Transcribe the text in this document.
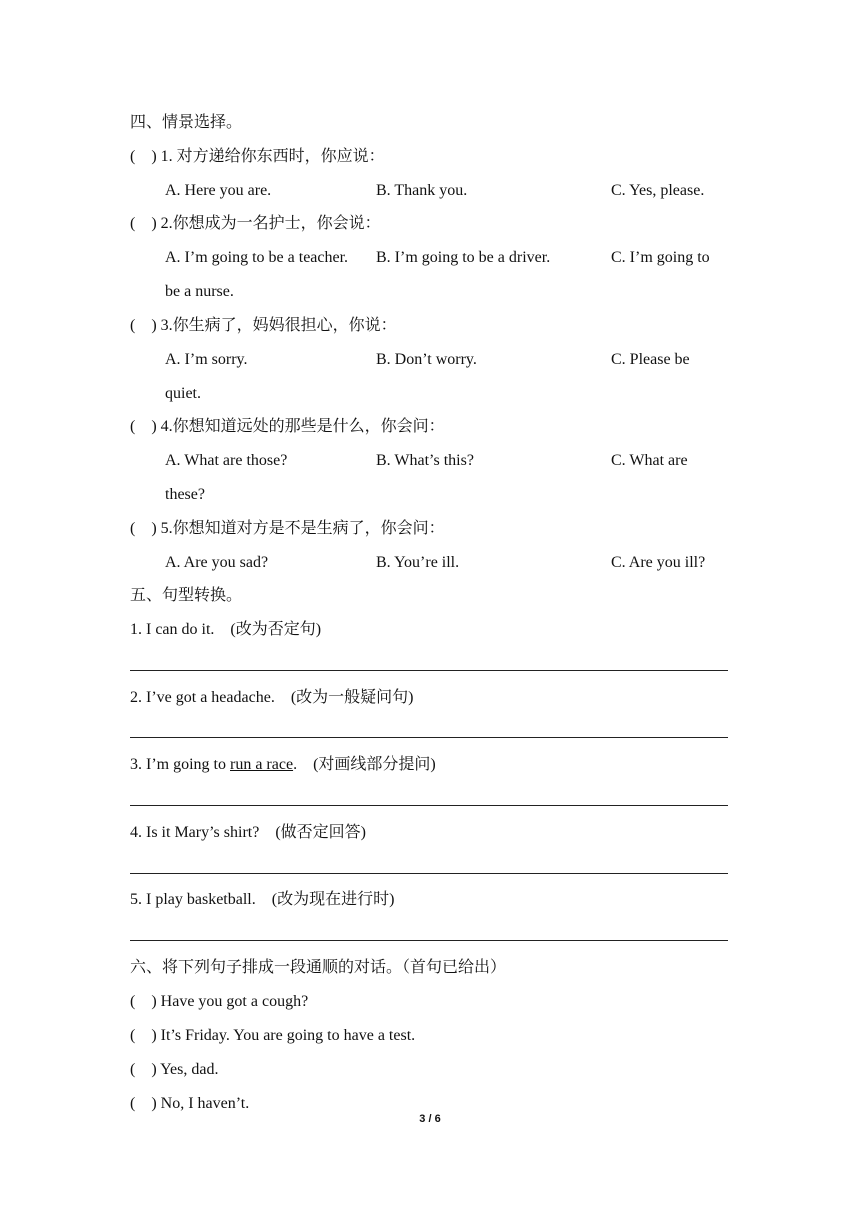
四、情景选择。
(    ) 1. 对方递给你东西时，你应说：
A. Here you are.	B. Thank you.	C. Yes, please.
(    ) 2.你想成为一名护士，你会说：
A. I’m going to be a teacher. B. I’m going to be a driver.	C. I’m going to
be a nurse.
(    ) 3.你生病了，妈妈很担心，你说：
A. I’m sorry.	B. Don’t worry.	C. Please be
quiet.
(    ) 4.你想知道远处的那些是什么，你会问：
A. What are those?	B. What’s this?	C. What are
these?
(    ) 5.你想知道对方是不是生病了，你会问：
A. Are you sad?	B. You’re ill.	C. Are you ill?
五、句型转换。
1. I can do it. (改为否定句)
2. I’ve got a headache. (改为一般疑问句)
3. I’m going to run a race. (对画线部分提问)
4. Is it Mary’s shirt? (做否定回答)
5. I play basketball. (改为现在进行时)
六、将下列句子排成一段通顺的对话。（首句已给出）
(    ) Have you got a cough?
(    ) It’s Friday. You are going to have a test.
(    ) Yes, dad.
(    ) No, I haven’t.
3 / 6
